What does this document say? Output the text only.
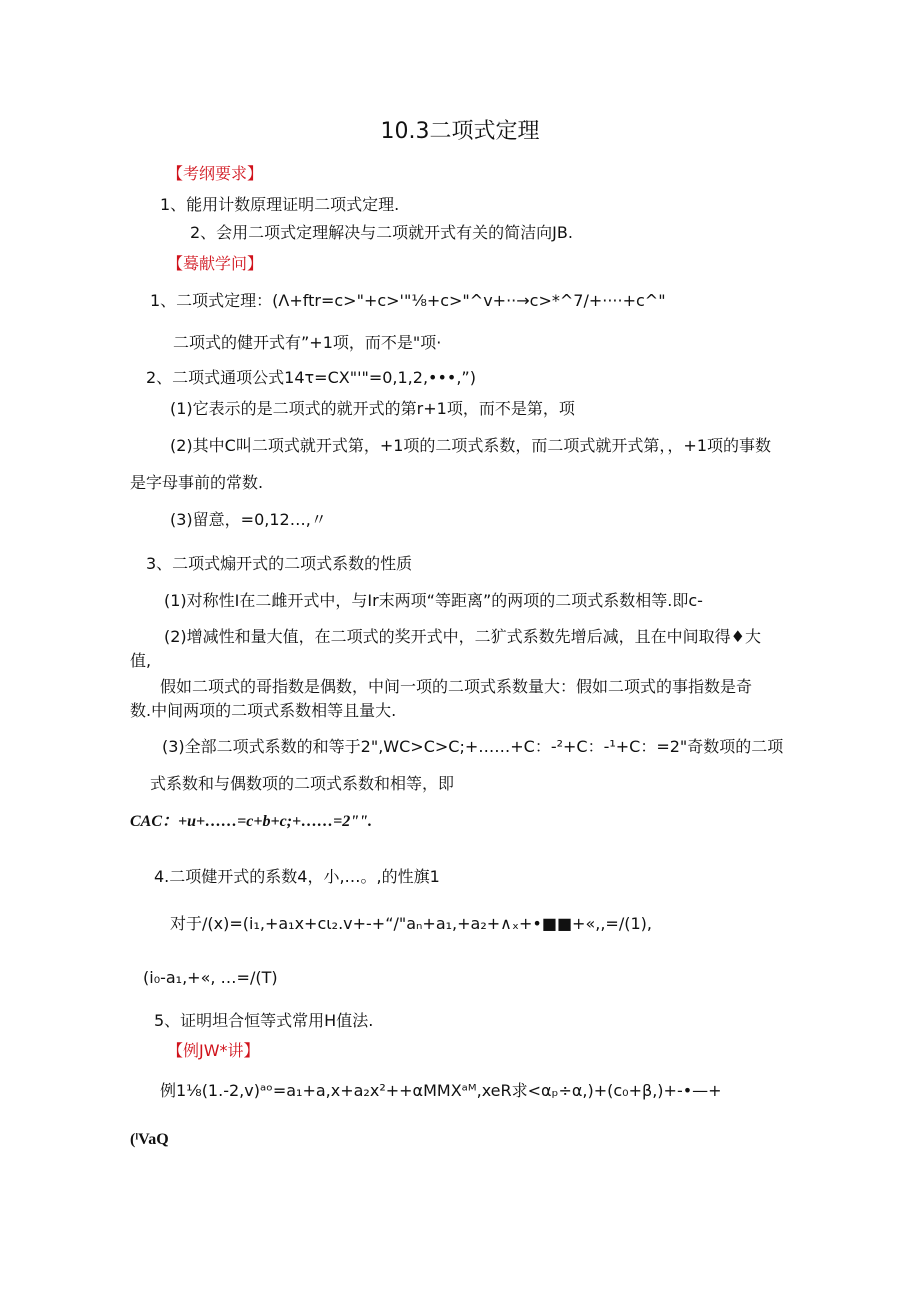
10.3二项式定理
【考纲要求】
1、能用计数原理证明二项式定理.
2、会用二项式定理解决与二项就开式有关的简洁向JB.
【蓦献学问】
1、二项式定理：(Λ+ftr=c>"+c>'"⅛+c>"^v+··→c>*^7/+····+c^"
二项式的健开式有”+1项，而不是"项·
2、二项式通项公式14τ=CX"'"=0,1,2,•••,”)
(1)它表示的是二项式的就开式的第r+1项，而不是第，项
(2)其中C叫二项式就开式第，+1项的二项式系数，而二项式就开式第，，+1项的事数
是字母事前的常数.
(3)留意，=0,12…,〃
3、二项式煽开式的二项式系数的性质
(1)对称性I在二雌开式中，与Ir末两项“等距离”的两项的二项式系数相等.即c-
(2)增减性和量大值，在二项式的奖开式中，二犷式系数先增后减，且在中间取得♦大
值,
假如二项式的哥指数是偶数，中间一项的二项式系数量大：假如二项式的事指数是奇
数.中间两项的二项式系数相等且量大.
(3)全部二项式系数的和等于2",WC>C>C;+……+C：-²+C：-¹+C：=2"奇数项的二项
式系数和与偶数项的二项式系数和相等，即
CAC：+u+……=c+b+c;+……=2"".
4.二项健开式的系数4，小,…。,的性旗1
对于/(x)=(i₁,+a₁x+cι₂.v+-+“/"aₙ+a₁,+a₂+∧ₓ+•■■+«,,=/(1),
(i₀-a₁,+«, …=/(T)
5、证明坦合恒等式常用H值法.
【例JW*讲】
例1⅛(1.-2,v)ᵃᵒ=a₁+a,x+a₂x²++αMMXᵃᴹ,xeR求<αₚ÷α,)+(c₀+β,)+-•—+
(ˡVaQ
